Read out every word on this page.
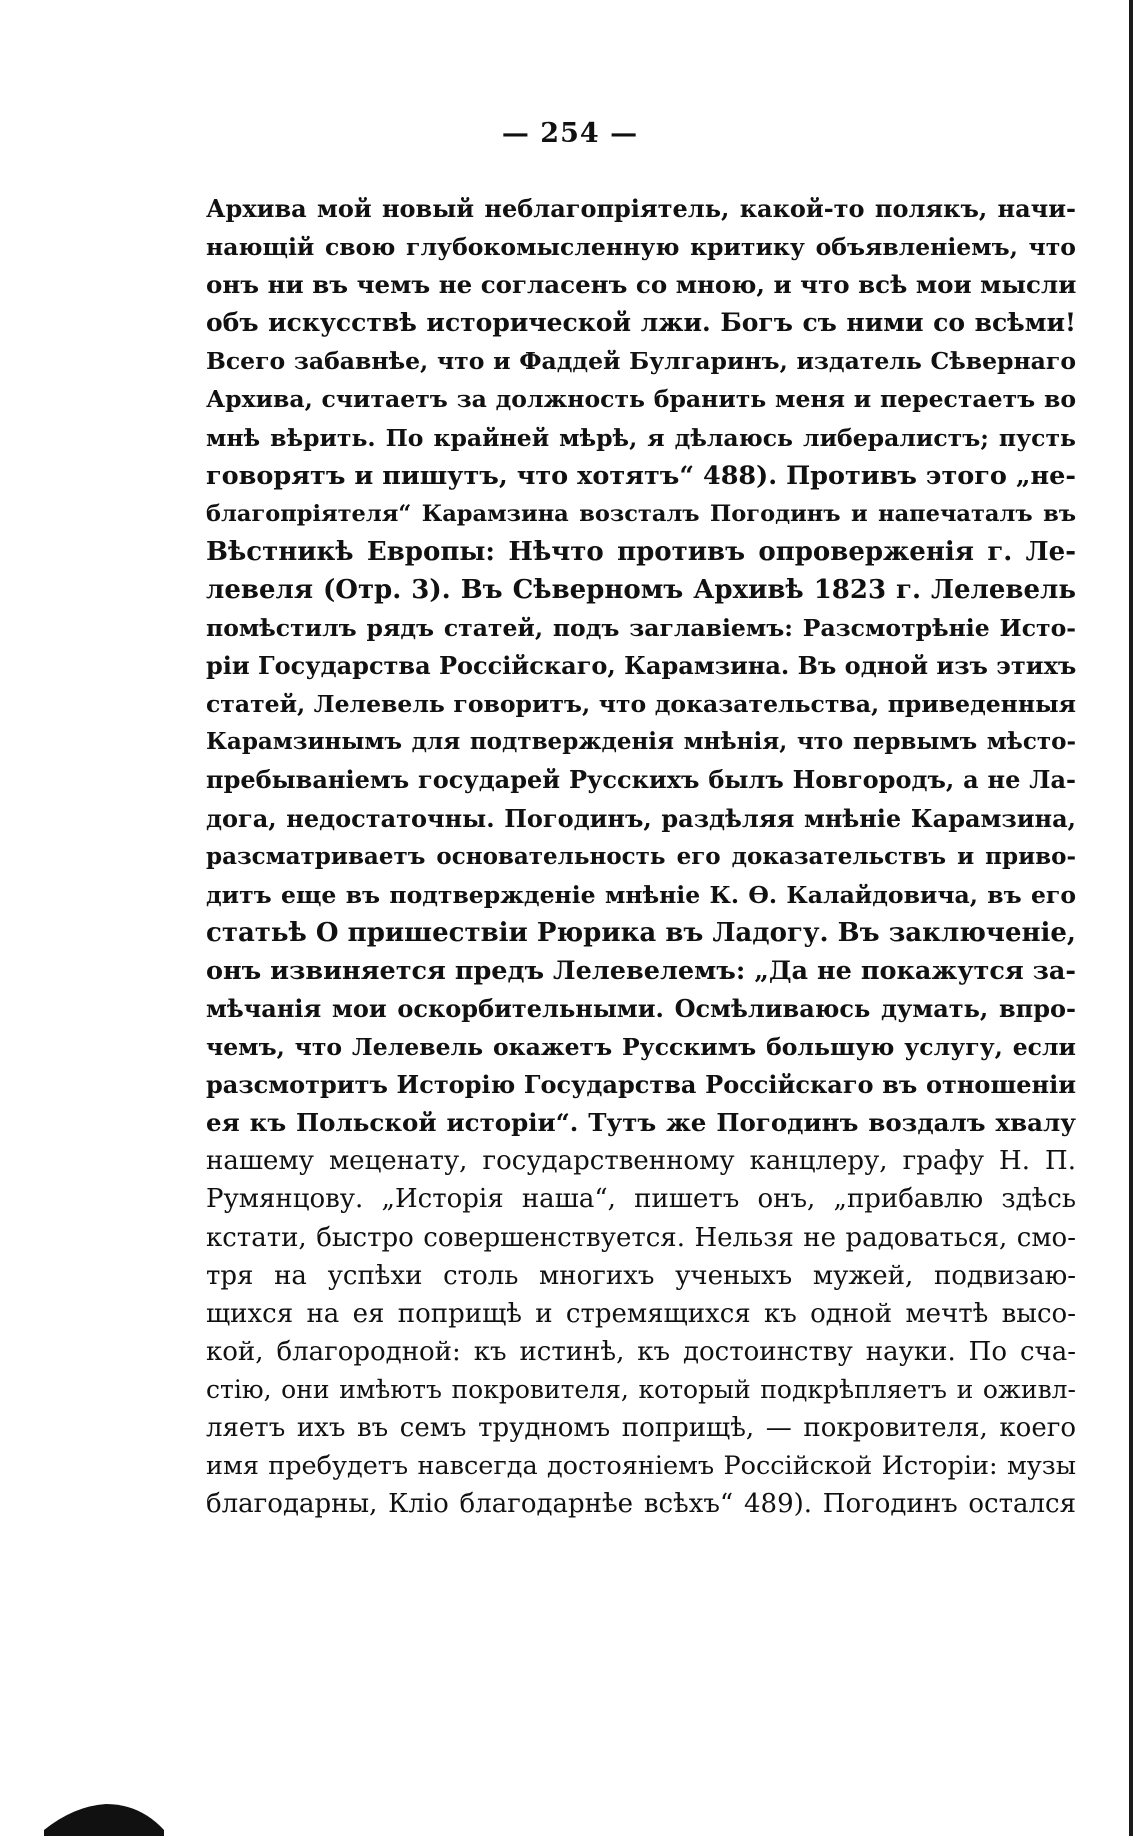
— 254 —
Архива мой новый неблагопріятель, какой-то полякъ, начи-
нающій свою глубокомысленную критику объявленіемъ, что
онъ ни въ чемъ не согласенъ со мною, и что всѣ мои мысли
объ искусствѣ исторической лжи. Богъ съ ними со всѣми!
Всего забавнѣе, что и Фаддей Булгаринъ, издатель Сѣвернаго
Архива, считаетъ за должность бранить меня и перестаетъ во
мнѣ вѣрить. По крайней мѣрѣ, я дѣлаюсь либералистъ; пусть
говорятъ и пишутъ, что хотятъ“ 488). Противъ этого „не-
благопріятеля“ Карамзина возсталъ Погодинъ и напечаталъ въ
Вѣстникѣ Европы: Нѣчто противъ опроверженія г. Ле-
левеля (Отр. 3). Въ Сѣверномъ Архивѣ 1823 г. Лелевель
помѣстилъ рядъ статей, подъ заглавіемъ: Разсмотрѣніе Исто-
ріи Государства Россійскаго, Карамзина. Въ одной изъ этихъ
статей, Лелевель говоритъ, что доказательства, приведенныя
Карамзинымъ для подтвержденія мнѣнія, что первымъ мѣсто-
пребываніемъ государей Русскихъ былъ Новгородъ, а не Ла-
дога, недостаточны. Погодинъ, раздѣляя мнѣніе Карамзина,
разсматриваетъ основательность его доказательствъ и приво-
дитъ еще въ подтвержденіе мнѣніе К. Ѳ. Калайдовича, въ его
статьѣ О пришествіи Рюрика въ Ладогу. Въ заключеніе,
онъ извиняется предъ Лелевелемъ: „Да не покажутся за-
мѣчанія мои оскорбительными. Осмѣливаюсь думать, впро-
чемъ, что Лелевель окажетъ Русскимъ большую услугу, если
разсмотритъ Исторію Государства Россійскаго въ отношеніи
ея къ Польской исторіи“. Тутъ же Погодинъ воздалъ хвалу
нашему меценату, государственному канцлеру, графу Н. П.
Румянцову. „Исторія наша“, пишетъ онъ, „прибавлю здѣсь
кстати, быстро совершенствуется. Нельзя не радоваться, смо-
тря на успѣхи столь многихъ ученыхъ мужей, подвизаю-
щихся на ея поприщѣ и стремящихся къ одной мечтѣ высо-
кой, благородной: къ истинѣ, къ достоинству науки. По сча-
стію, они имѣютъ покровителя, который подкрѣпляетъ и оживл-
ляетъ ихъ въ семъ трудномъ поприщѣ, — покровителя, коего
имя пребудетъ навсегда достояніемъ Россійской Исторіи: музы
благодарны, Кліо благодарнѣе всѣхъ“ 489). Погодинъ остался
